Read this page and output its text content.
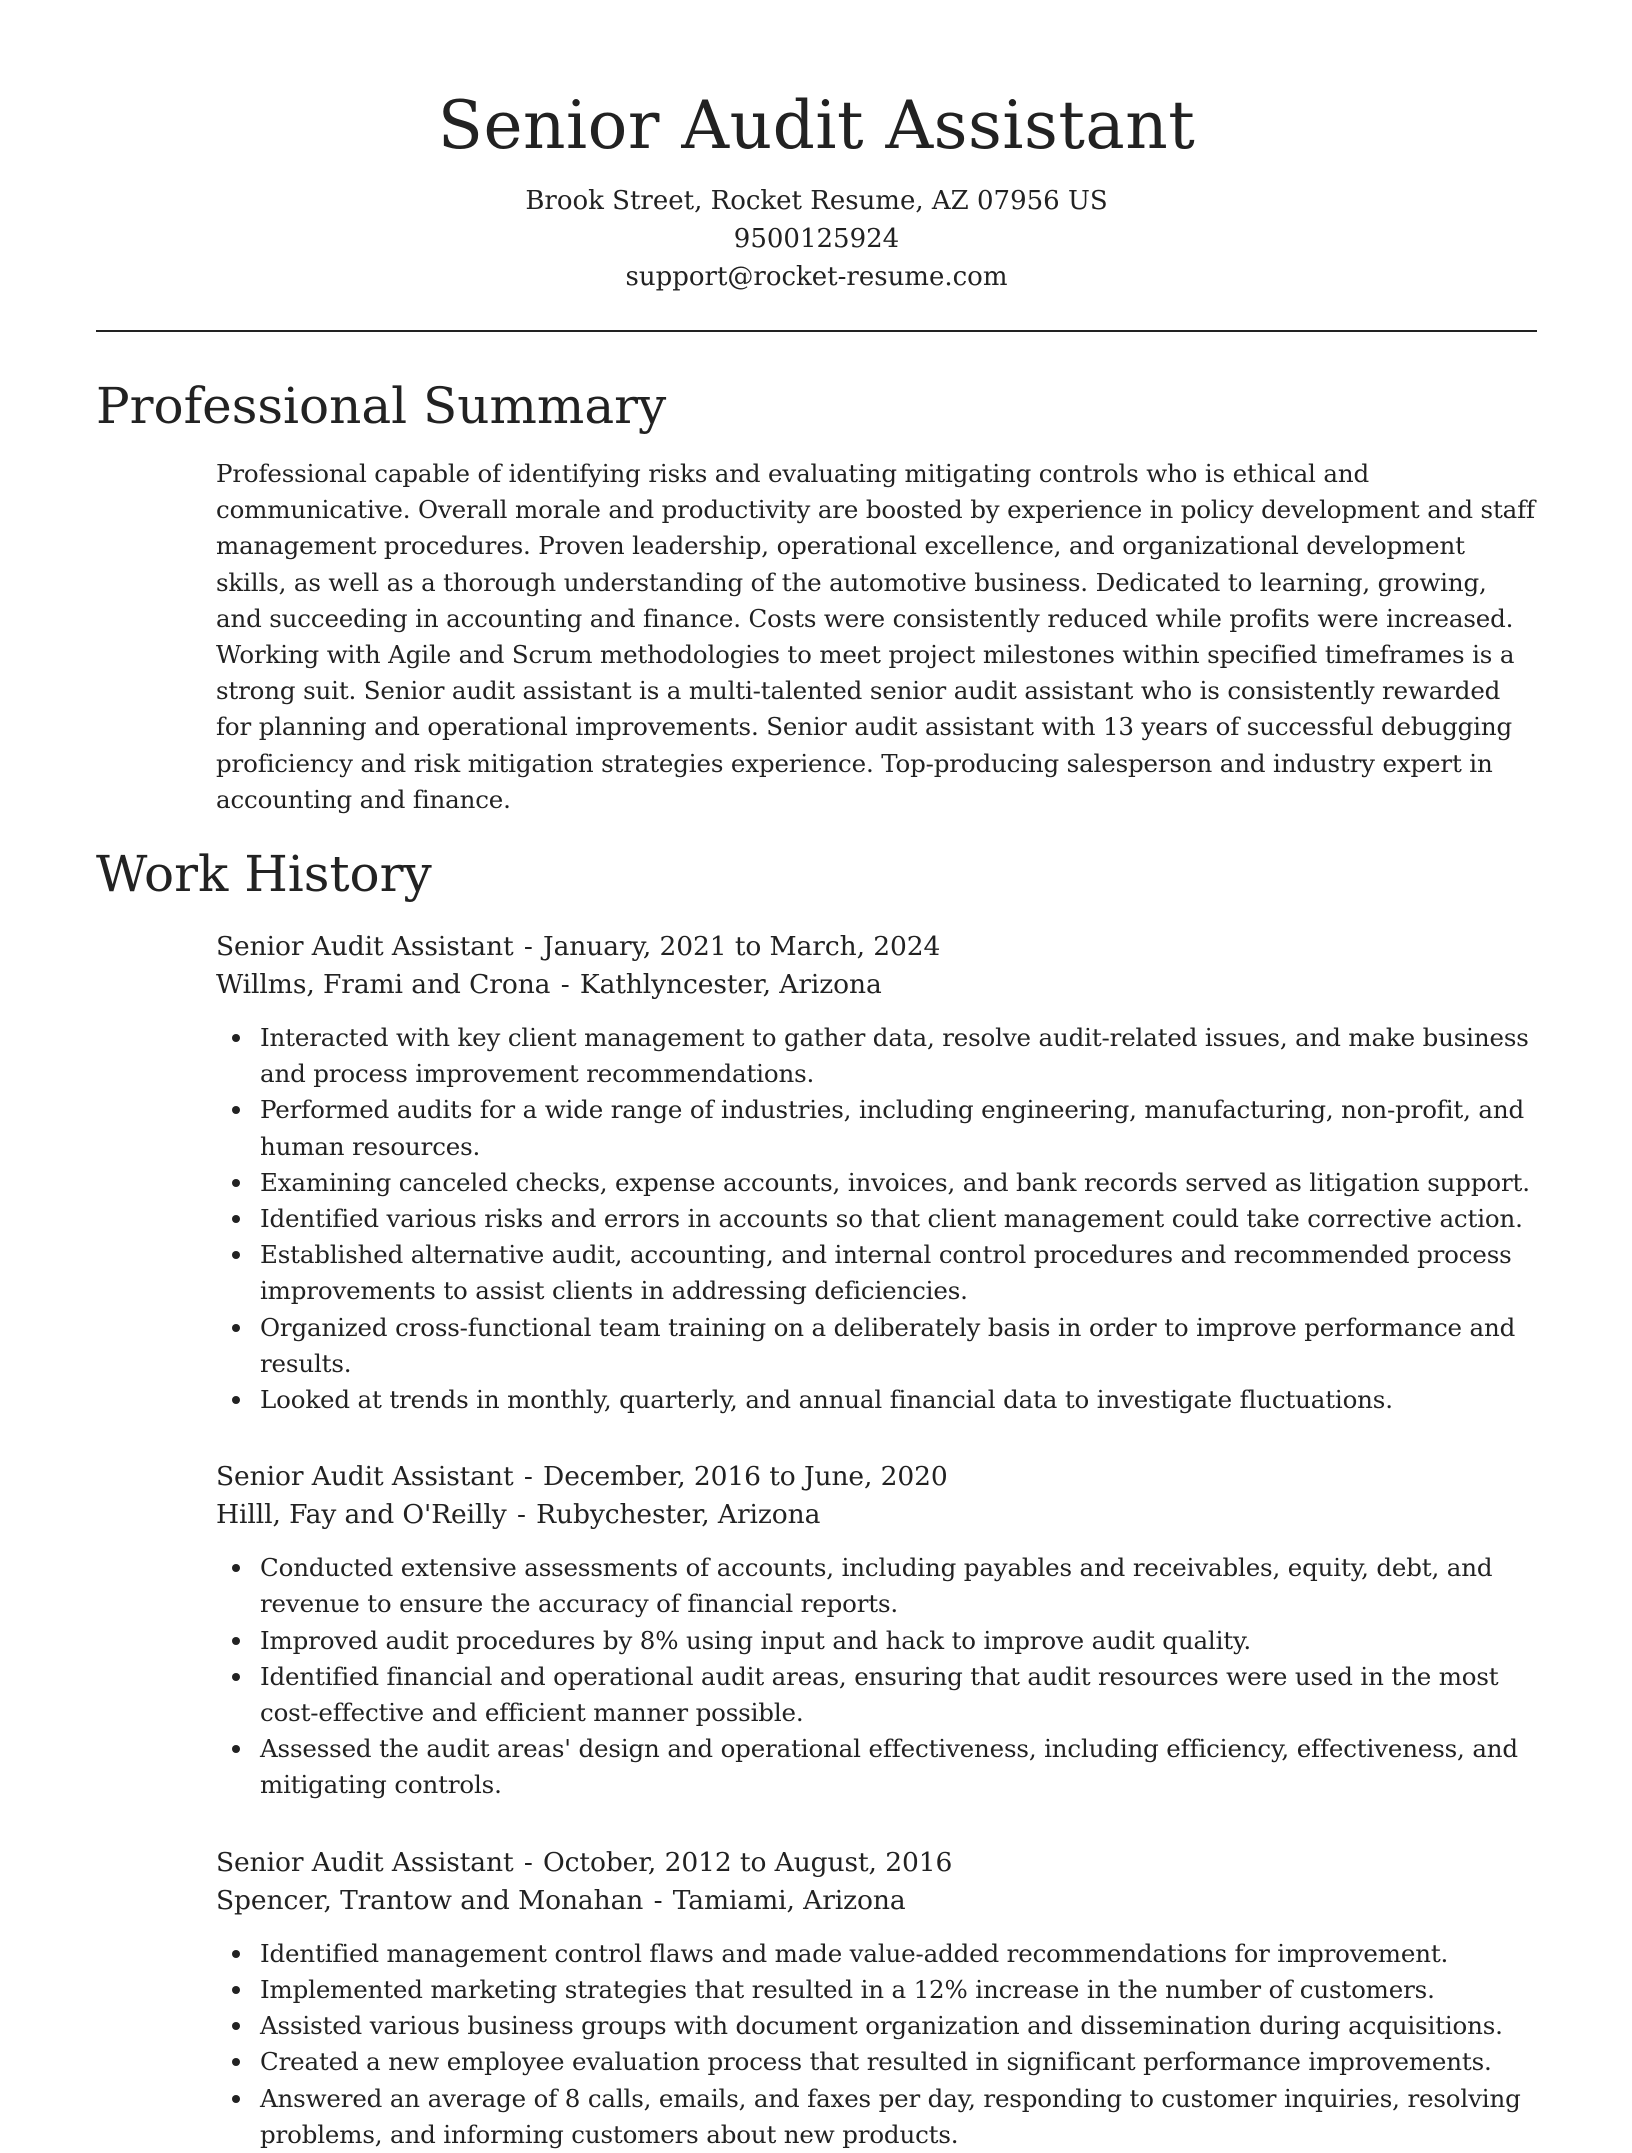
Senior Audit Assistant
Brook Street, Rocket Resume, AZ 07956 US
9500125924
support@rocket-resume.com
Professional Summary
Professional capable of identifying risks and evaluating mitigating controls who is ethical and communicative. Overall morale and productivity are boosted by experience in policy development and staff management procedures. Proven leadership, operational excellence, and organizational development skills, as well as a thorough understanding of the automotive business. Dedicated to learning, growing, and succeeding in accounting and finance. Costs were consistently reduced while profits were increased. Working with Agile and Scrum methodologies to meet project milestones within specified timeframes is a strong suit. Senior audit assistant is a multi-talented senior audit assistant who is consistently rewarded for planning and operational improvements. Senior audit assistant with 13 years of successful debugging proficiency and risk mitigation strategies experience. Top-producing salesperson and industry expert in accounting and finance.
Work History
Senior Audit Assistant - January, 2021 to March, 2024
Willms, Frami and Crona - Kathlyncester, Arizona
Interacted with key client management to gather data, resolve audit-related issues, and make business and process improvement recommendations.
Performed audits for a wide range of industries, including engineering, manufacturing, non-profit, and human resources.
Examining canceled checks, expense accounts, invoices, and bank records served as litigation support.
Identified various risks and errors in accounts so that client management could take corrective action.
Established alternative audit, accounting, and internal control procedures and recommended process improvements to assist clients in addressing deficiencies.
Organized cross-functional team training on a deliberately basis in order to improve performance and results.
Looked at trends in monthly, quarterly, and annual financial data to investigate fluctuations.
Senior Audit Assistant - December, 2016 to June, 2020
Hilll, Fay and O'Reilly - Rubychester, Arizona
Conducted extensive assessments of accounts, including payables and receivables, equity, debt, and revenue to ensure the accuracy of financial reports.
Improved audit procedures by 8% using input and hack to improve audit quality.
Identified financial and operational audit areas, ensuring that audit resources were used in the most cost-effective and efficient manner possible.
Assessed the audit areas' design and operational effectiveness, including efficiency, effectiveness, and mitigating controls.
Senior Audit Assistant - October, 2012 to August, 2016
Spencer, Trantow and Monahan - Tamiami, Arizona
Identified management control flaws and made value-added recommendations for improvement.
Implemented marketing strategies that resulted in a 12% increase in the number of customers.
Assisted various business groups with document organization and dissemination during acquisitions.
Created a new employee evaluation process that resulted in significant performance improvements.
Answered an average of 8 calls, emails, and faxes per day, responding to customer inquiries, resolving problems, and informing customers about new products.
